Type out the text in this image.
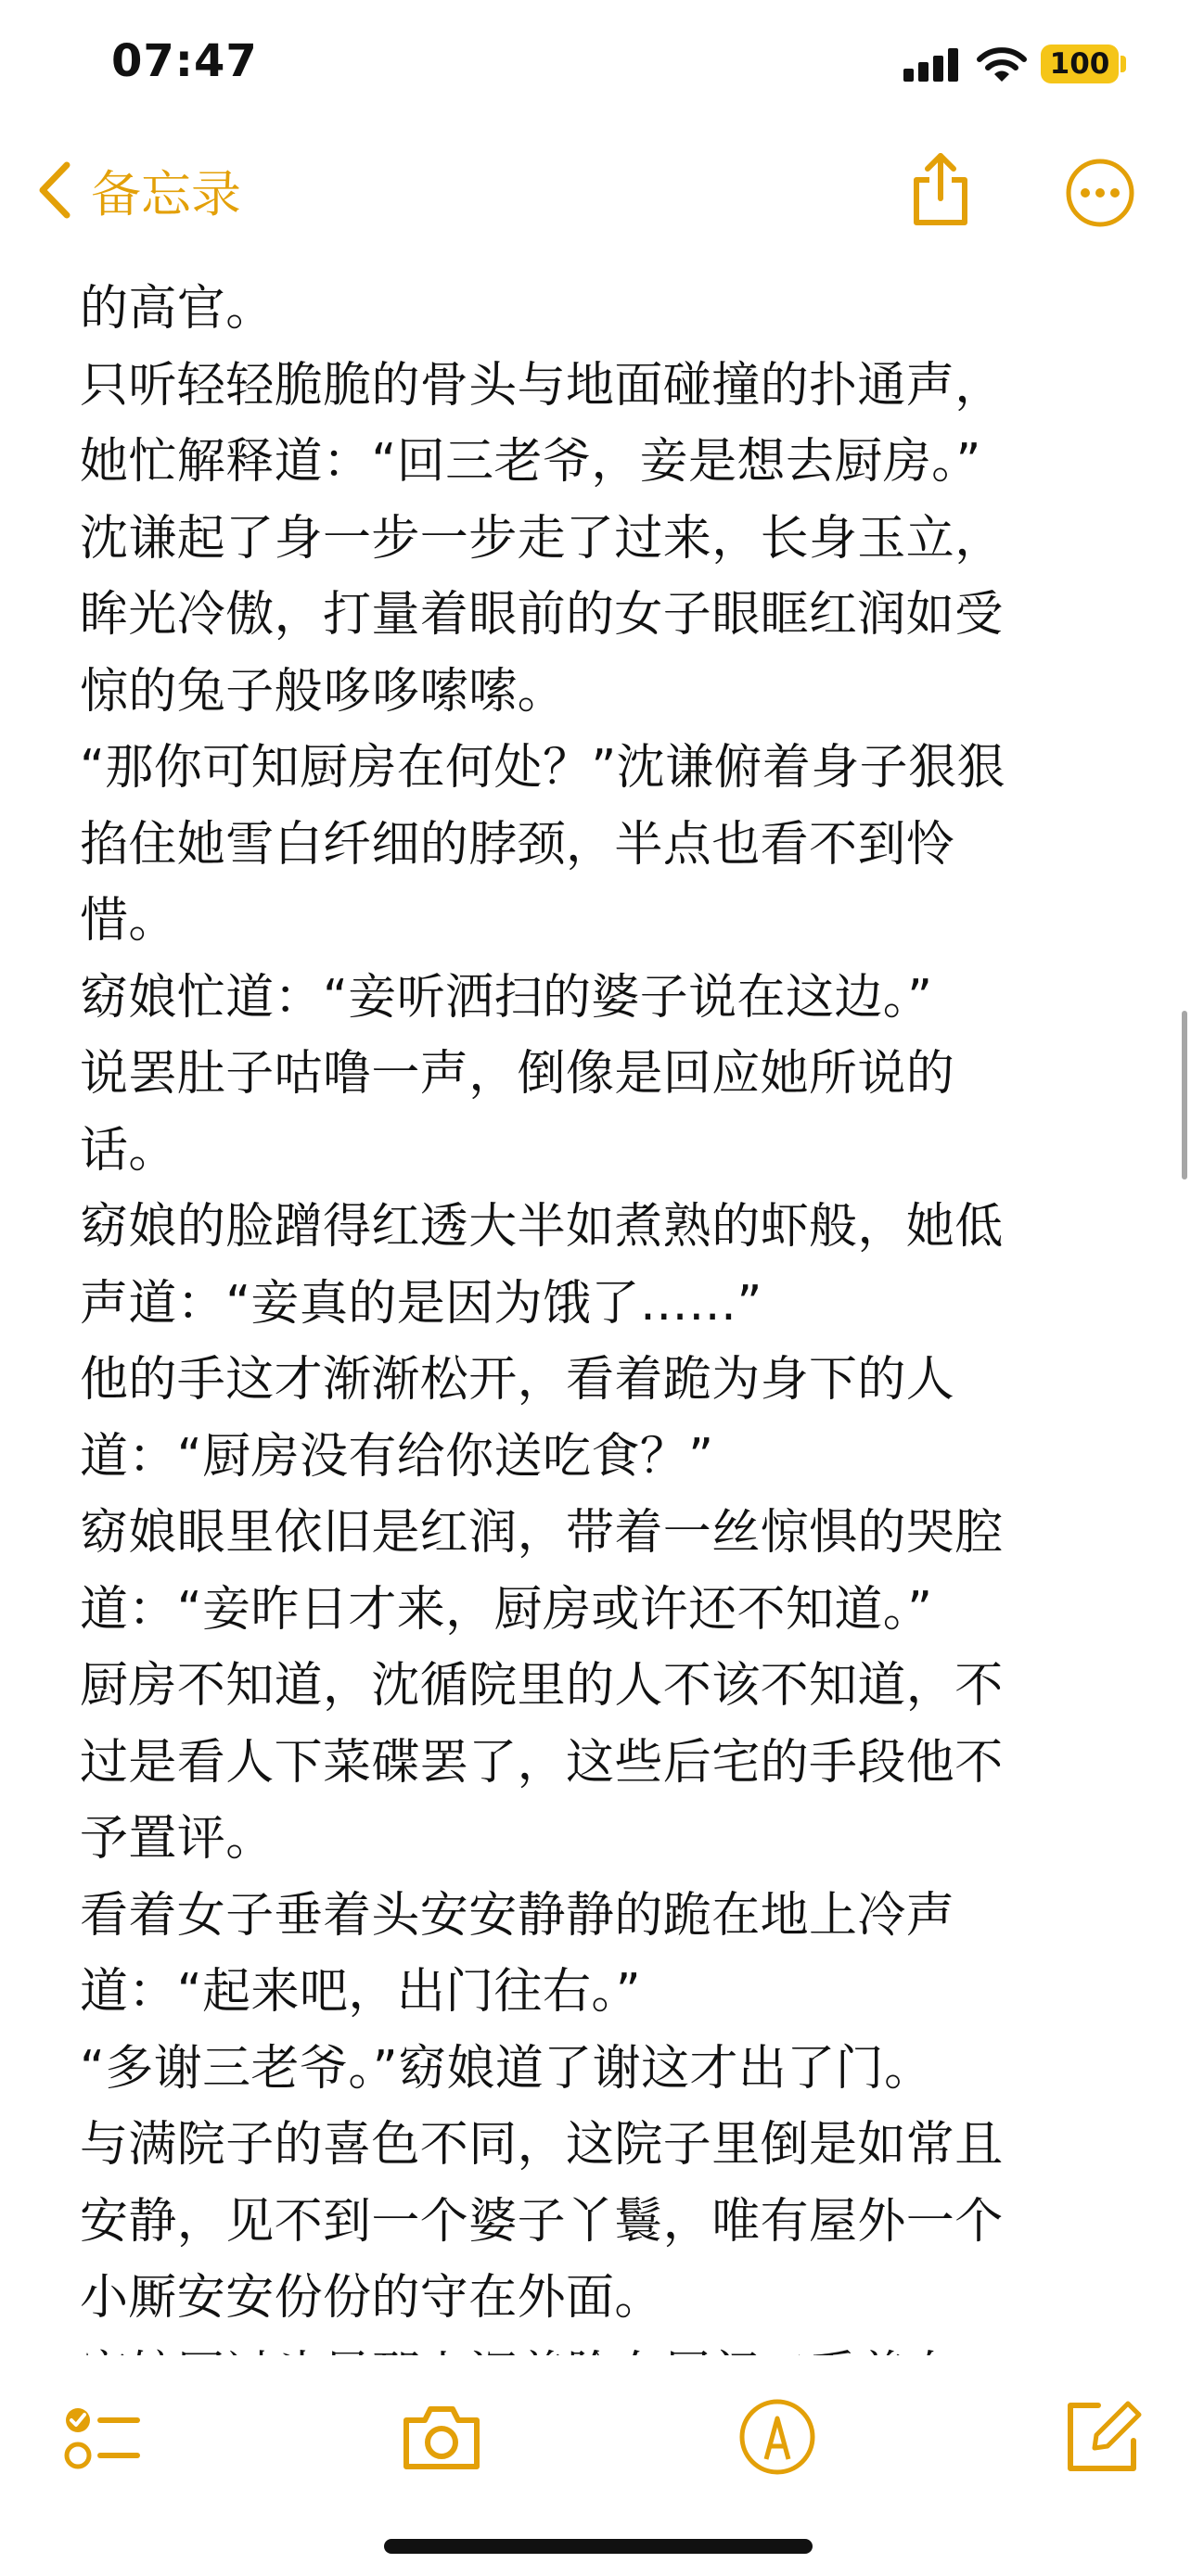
07:47	100
备忘录
的高官。
只听轻轻脆脆的骨头与地面碰撞的扑通声，
她忙解释道：“回三老爷，妾是想去厨房。”
沈谦起了身一步一步走了过来，长身玉立，
眸光冷傲，打量着眼前的女子眼眶红润如受
惊的兔子般哆哆嗦嗦。
“那你可知厨房在何处？”沈谦俯着身子狠狠
掐住她雪白纤细的脖颈，半点也看不到怜
惜。
窈娘忙道：“妾听洒扫的婆子说在这边。”
说罢肚子咕噜一声，倒像是回应她所说的
话。
窈娘的脸蹭得红透大半如煮熟的虾般，她低
声道：“妾真的是因为饿了……”
他的手这才渐渐松开，看着跪为身下的人
道：“厨房没有给你送吃食？”
窈娘眼里依旧是红润，带着一丝惊惧的哭腔
道：“妾昨日才来，厨房或许还不知道。”
厨房不知道，沈循院里的人不该不知道，不
过是看人下菜碟罢了，这些后宅的手段他不
予置评。
看着女子垂着头安安静静的跪在地上冷声
道：“起来吧，出门往右。”
“多谢三老爷。”窈娘道了谢这才出了门。
与满院子的喜色不同，这院子里倒是如常且
安静，见不到一个婆子丫鬟，唯有屋外一个
小厮安安份份的守在外面。
